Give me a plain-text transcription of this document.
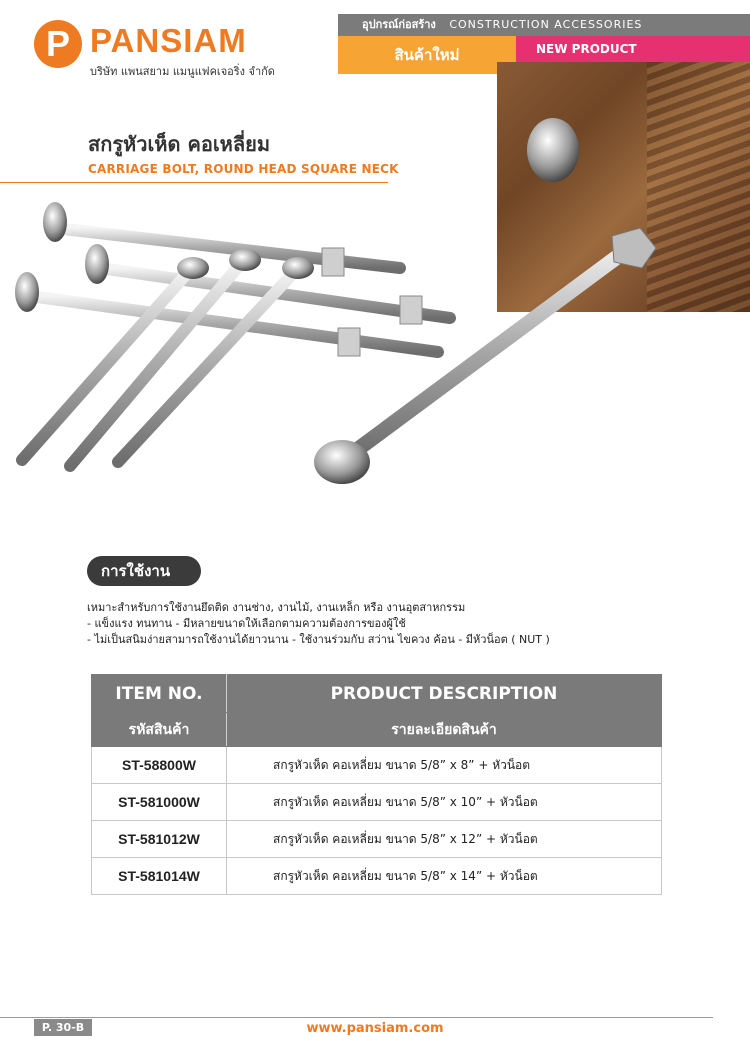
P PANSIAM
บริษัท แพนสยาม แมนูแฟคเจอริ่ง จำกัด
อุปกรณ์ก่อสร้าง CONSTRUCTION ACCESSORIES
สินค้าใหม่	NEW PRODUCT
สกรูหัวเห็ด คอเหลี่ยม
CARRIAGE BOLT, ROUND HEAD SQUARE NECK
การใช้งาน
เหมาะสำหรับการใช้งานยึดติด งานช่าง, งานไม้, งานเหล็ก หรือ งานอุตสาหกรรม
- แข็งแรง ทนทาน - มีหลายขนาดให้เลือกตามความต้องการของผู้ใช้
- ไม่เป็นสนิมง่ายสามารถใช้งานได้ยาวนาน - ใช้งานร่วมกับ สว่าน ไขควง ค้อน - มีหัวน็อต ( NUT )
ITEM NO.	PRODUCT DESCRIPTION
รหัสสินค้า	รายละเอียดสินค้า
ST-58800W	สกรูหัวเห็ด คอเหลี่ยม ขนาด 5/8” x 8” + หัวน็อต
ST-581000W	สกรูหัวเห็ด คอเหลี่ยม ขนาด 5/8” x 10” + หัวน็อต
ST-581012W	สกรูหัวเห็ด คอเหลี่ยม ขนาด 5/8” x 12” + หัวน็อต
ST-581014W	สกรูหัวเห็ด คอเหลี่ยม ขนาด 5/8” x 14” + หัวน็อต
P. 30-B	www.pansiam.com
